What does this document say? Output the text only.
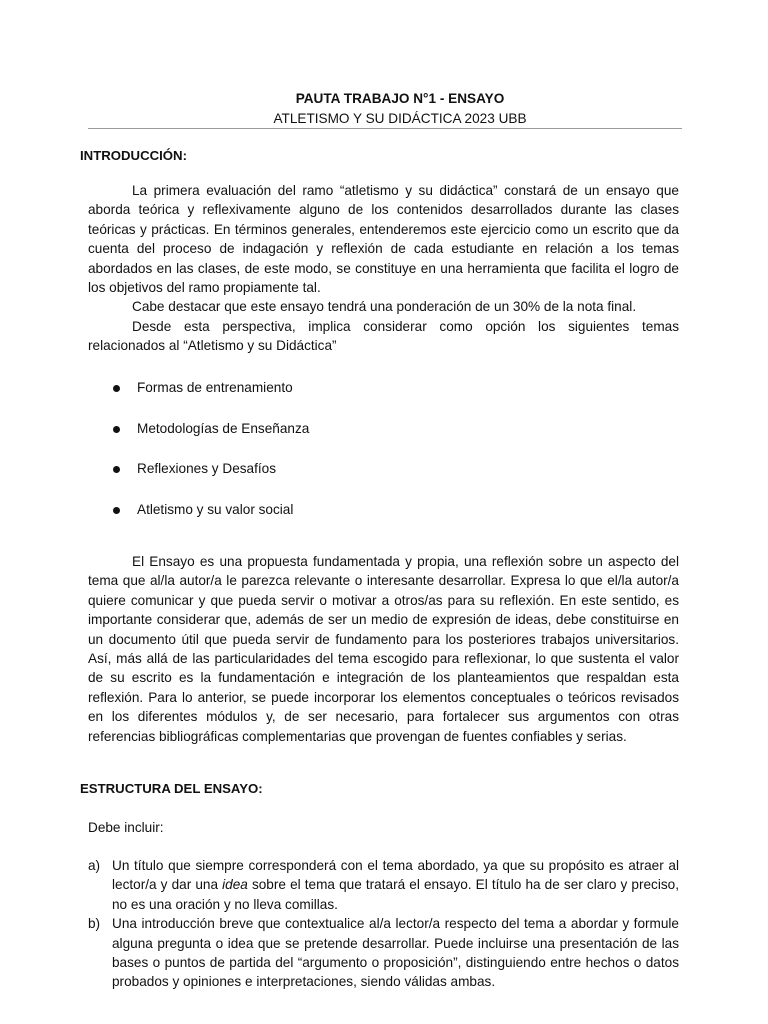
PAUTA TRABAJO N°1 - ENSAYO
ATLETISMO Y SU DIDÁCTICA 2023 UBB
INTRODUCCIÓN:

La primera evaluación del ramo “atletismo y su didáctica” constará de un ensayo que aborda teórica y reflexivamente alguno de los contenidos desarrollados durante las clases teóricas y prácticas. En términos generales, entenderemos este ejercicio como un escrito que da cuenta del proceso de indagación y reflexión de cada estudiante en relación a los temas abordados en las clases, de este modo, se constituye en una herramienta que facilita el logro de los objetivos del ramo propiamente tal.

Cabe destacar que este ensayo tendrá una ponderación de un 30% de la nota final.

Desde esta perspectiva, implica considerar como opción los siguientes temas relacionados al “Atletismo y su Didáctica”

Formas de entrenamiento
Metodologías de Enseñanza
Reflexiones y Desafíos
Atletismo y su valor social

El Ensayo es una propuesta fundamentada y propia, una reflexión sobre un aspecto del tema que al/la autor/a le parezca relevante o interesante desarrollar. Expresa lo que el/la autor/a quiere comunicar y que pueda servir o motivar a otros/as para su reflexión. En este sentido, es importante considerar que, además de ser un medio de expresión de ideas, debe constituirse en un documento útil que pueda servir de fundamento para los posteriores trabajos universitarios. Así, más allá de las particularidades del tema escogido para reflexionar, lo que sustenta el valor de su escrito es la fundamentación e integración de los planteamientos que respaldan esta reflexión. Para lo anterior, se puede incorporar los elementos conceptuales o teóricos revisados en los diferentes módulos y, de ser necesario, para fortalecer sus argumentos con otras referencias bibliográficas complementarias que provengan de fuentes confiables y serias.

ESTRUCTURA DEL ENSAYO:
Debe incluir:
a) Un título que siempre corresponderá con el tema abordado, ya que su propósito es atraer al lector/a y dar una idea sobre el tema que tratará el ensayo. El título ha de ser claro y preciso, no es una oración y no lleva comillas.
b) Una introducción breve que contextualice al/a lector/a respecto del tema a abordar y formule alguna pregunta o idea que se pretende desarrollar. Puede incluirse una presentación de las bases o puntos de partida del “argumento o proposición”, distinguiendo entre hechos o datos probados y opiniones e interpretaciones, siendo válidas ambas.
